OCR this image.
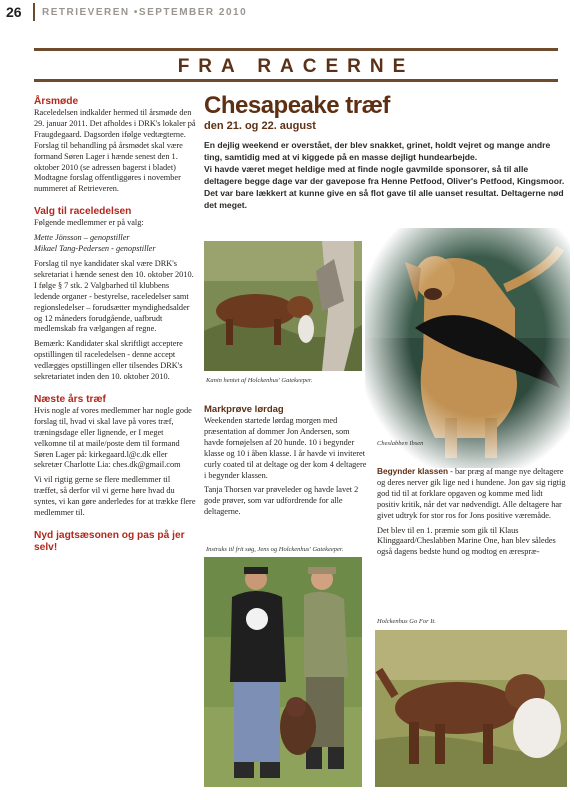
26 RETRIEVEREN •SEPTEMBER 2010
FRA RACERNE
Årsmøde
Raceledelsen indkalder hermed til årsmøde den 29. januar 2011. Det afholdes i DRK's lokaler på Fraugdegaard. Dagsorden ifølge vedtægterne. Forslag til behandling på årsmødet skal være formand Søren Lager i hænde senest den 1. oktober 2010 (se adressen bagerst i bladet) Modtagne forslag offentliggøres i november nummeret af Retrieveren.
Valg til raceledelsen
Følgende medlemmer er på valg:
Mette Jönsson – genopstiller
Mikael Tang-Pedersen - genopstiller
Forslag til nye kandidater skal være DRK's sekretariat i hænde senest den 10. oktober 2010. I følge § 7 stk. 2 Valgbarhed til klubbens ledende organer - bestyrelse, raceledelser samt regionsledelser – forudsætter myndighedsalder og 12 måneders forudgående, uafbrudt medlemskab fra vælgangen af regne.
Bemærk: Kandidater skal skriftligt acceptere opstillingen til raceledelsen - denne accept vedlægges opstillingen eller tilsendes DRK's sekretariatet inden den 10. oktober 2010.
Næste års træf
Hvis nogle af vores medlemmer har nogle gode forslag til, hvad vi skal lave på vores træf, træningsdage eller lignende, er I meget velkomne til at maile/poste dem til formand Søren Lager på: kirkegaard.l@c.dk eller sekretær Charlotte Lia: ches.dk@gmail.com
Vi vil rigtig gerne se flere medlemmer til træffet, så derfor vil vi gerne høre hvad du syntes, vi kan gøre anderledes for at trække flere medlemmer til.
Nyd jagtsæsonen og pas på jer selv!
Chesapeake træf
den 21. og 22. august
En dejlig weekend er overstået, der blev snakket, grinet, holdt vejret og mange andre ting, samtidig med at vi kiggede på en masse dejligt hundearbejde.
Vi havde været meget heldige med at finde nogle gavmilde sponsorer, så til alle deltagere begge dage var der gavepose fra Henne Petfood, Oliver's Petfood, Kingsmoor. Det var bare lækkert at kunne give en så flot gave til alle uanset resultat. Deltagerne nød det meget.
Kanin hentet af Holckenhus' Gatekeeper.
Cheslabben Ibsen
Markprøve lørdag
Weekenden startede lørdag morgen med præsentation af dommer Jon Andersen, som havde fornøjelsen af 20 hunde. 10 i begynder klasse og 10 i åben klasse. I år havde vi inviteret curly coated til at deltage og der kom 4 deltagere i begynder klassen.
Tanja Thorsen var prøveleder og havde lavet 2 gode prøver, som var udfordrende for alle deltagerne.
Instruks til frit søg, Jens og Holckenhus' Gatekeeper.
Begynder klassen - bar præg af mange nye deltagere og deres nerver gik lige ned i hundene. Jon gav sig rigtig god tid til at forklare opgaven og komme med lidt positiv kritik, når det var nødvendigt. Alle deltagere har givet udtryk for stor ros for Jons positive væremåde.
Det blev til en 1. præmie som gik til Klaus Klinggaard/Cheslabben Marine One, han blev således også dagens bedste hund og modtog en ærespræ-
Holckenhus Go For It.
